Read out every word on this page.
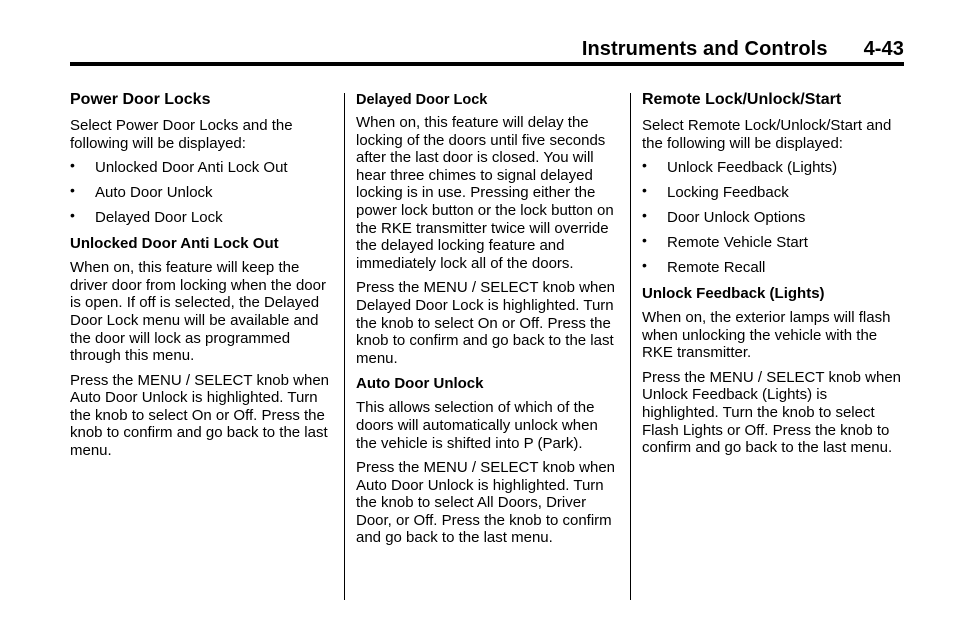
Instruments and Controls 4-43
Power Door Locks

Select Power Door Locks and the following will be displayed:

• Unlocked Door Anti Lock Out
• Auto Door Unlock
• Delayed Door Lock
Unlocked Door Anti Lock Out

When on, this feature will keep the driver door from locking when the door is open. If off is selected, the Delayed Door Lock menu will be available and the door will lock as programmed through this menu.

Press the MENU / SELECT knob when Auto Door Unlock is highlighted. Turn the knob to select On or Off. Press the knob to confirm and go back to the last menu.

Delayed Door Lock

When on, this feature will delay the locking of the doors until five seconds after the last door is closed. You will hear three chimes to signal delayed locking is in use. Pressing either the power lock button or the lock button on the RKE transmitter twice will override the delayed locking feature and immediately lock all of the doors.

Press the MENU / SELECT knob when Delayed Door Lock is highlighted. Turn the knob to select On or Off. Press the knob to confirm and go back to the last menu.

Auto Door Unlock

This allows selection of which of the doors will automatically unlock when the vehicle is shifted into P (Park).

Press the MENU / SELECT knob when Auto Door Unlock is highlighted. Turn the knob to select All Doors, Driver Door, or Off. Press the knob to confirm and go back to the last menu.

Remote Lock/Unlock/Start

Select Remote Lock/Unlock/Start and the following will be displayed:

• Unlock Feedback (Lights)
• Locking Feedback
• Door Unlock Options
• Remote Vehicle Start
• Remote Recall
Unlock Feedback (Lights)

When on, the exterior lamps will flash when unlocking the vehicle with the RKE transmitter.

Press the MENU / SELECT knob when Unlock Feedback (Lights) is highlighted. Turn the knob to select Flash Lights or Off. Press the knob to confirm and go back to the last menu.
